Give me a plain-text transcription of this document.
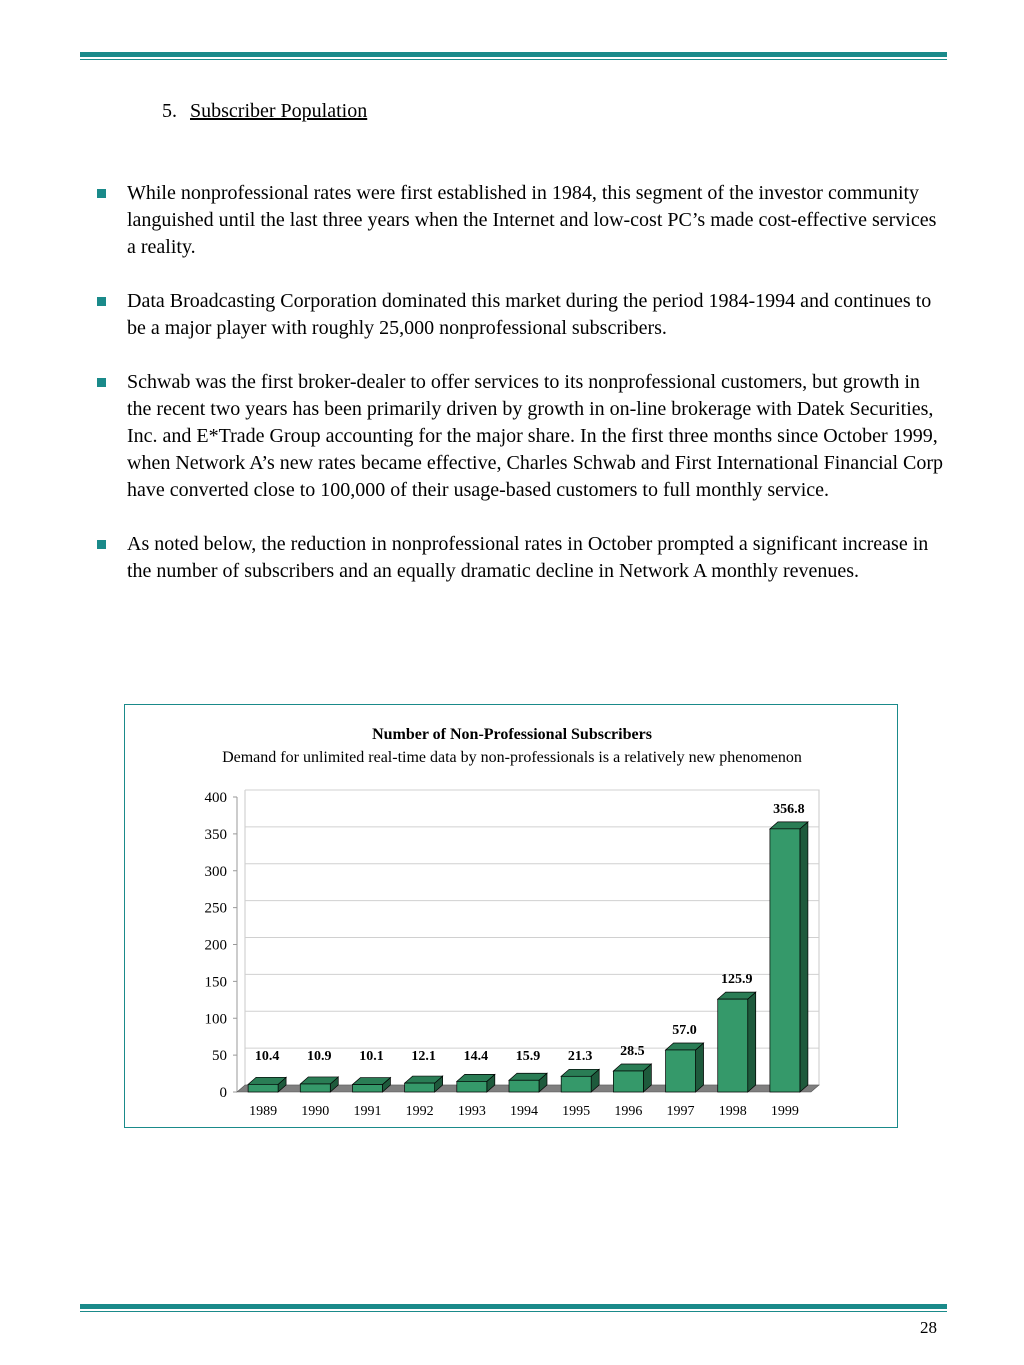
5. Subscriber Population
While nonprofessional rates were first established in 1984, this segment of the investor community languished until the last three years when the Internet and low-cost PC’s made cost-effective services a reality.
Data Broadcasting Corporation dominated this market during the period 1984-1994 and continues to be a major player with roughly 25,000 nonprofessional subscribers.
Schwab was the first broker-dealer to offer services to its nonprofessional customers, but growth in the recent two years has been primarily driven by growth in on-line brokerage with Datek Securities, Inc. and E*Trade Group accounting for the major share. In the first three months since October 1999, when Network A’s new rates became effective, Charles Schwab and First International Financial Corp have converted close to 100,000 of their usage-based customers to full monthly service.
As noted below, the reduction in nonprofessional rates in October prompted a significant increase in the number of subscribers and an equally dramatic decline in Network A monthly revenues.
Number of Non-Professional Subscribers
Demand for unlimited real-time data by non-professionals is a relatively new phenomenon
0
50
100
150
200
250
300
350
400
10.4 10.9 10.1 12.1 14.4 15.9 21.3 28.5
57.0
125.9
356.8
1989 1990 1991 1992 1993 1994 1995 1996 1997 1998 1999
28
